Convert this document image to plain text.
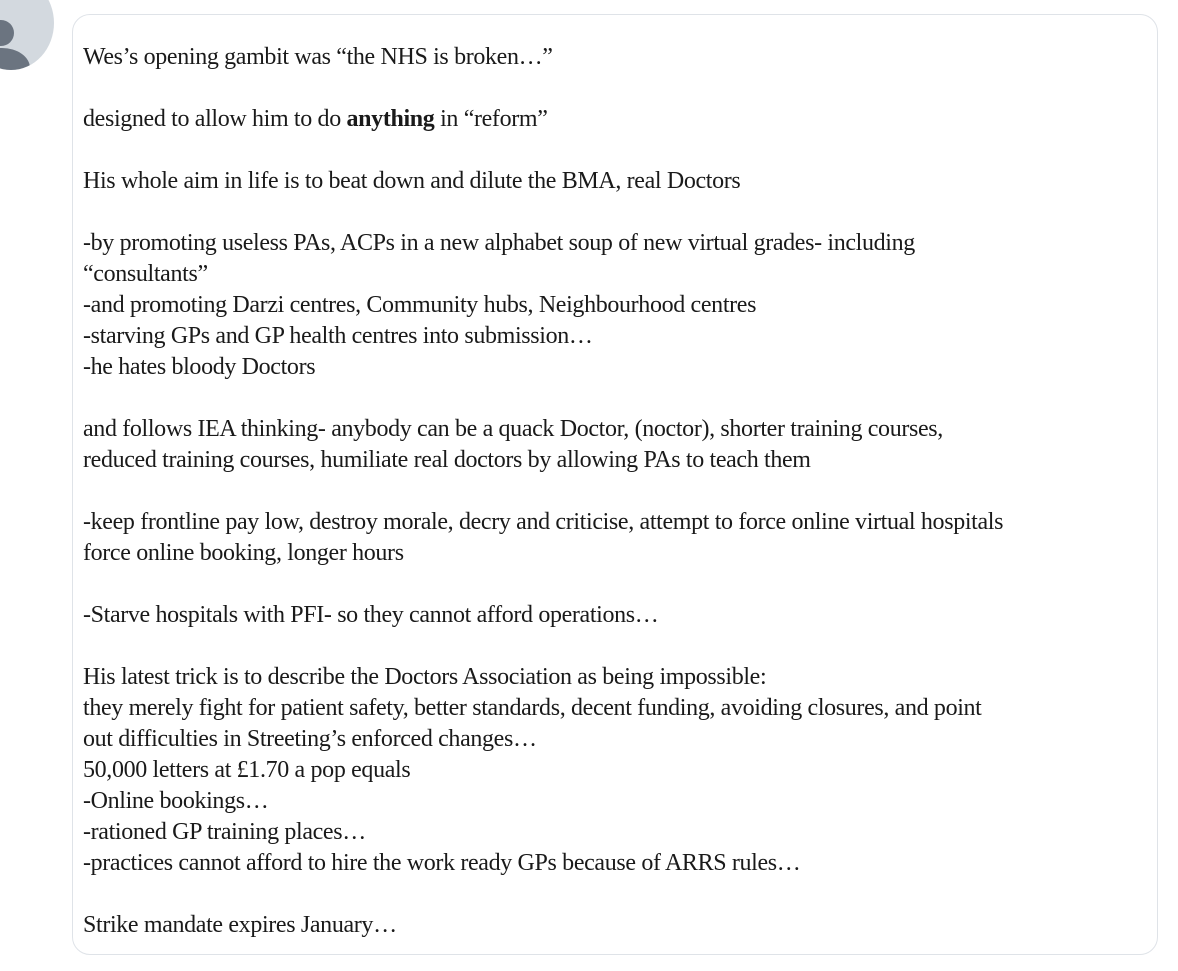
Wes’s opening gambit was “the NHS is broken…”
designed to allow him to do anything in “reform”
His whole aim in life is to beat down and dilute the BMA, real Doctors
-by promoting useless PAs, ACPs in a new alphabet soup of new virtual grades- including
“consultants”
-and promoting Darzi centres, Community hubs, Neighbourhood centres
-starving GPs and GP health centres into submission…
-he hates bloody Doctors
and follows IEA thinking- anybody can be a quack Doctor, (noctor), shorter training courses,
reduced training courses, humiliate real doctors by allowing PAs to teach them
-keep frontline pay low, destroy morale, decry and criticise, attempt to force online virtual hospitals
force online booking, longer hours
-Starve hospitals with PFI- so they cannot afford operations…
His latest trick is to describe the Doctors Association as being impossible:
they merely fight for patient safety, better standards, decent funding, avoiding closures, and point
out difficulties in Streeting’s enforced changes…
50,000 letters at £1.70 a pop equals
-Online bookings…
-rationed GP training places…
-practices cannot afford to hire the work ready GPs because of ARRS rules…
Strike mandate expires January…
